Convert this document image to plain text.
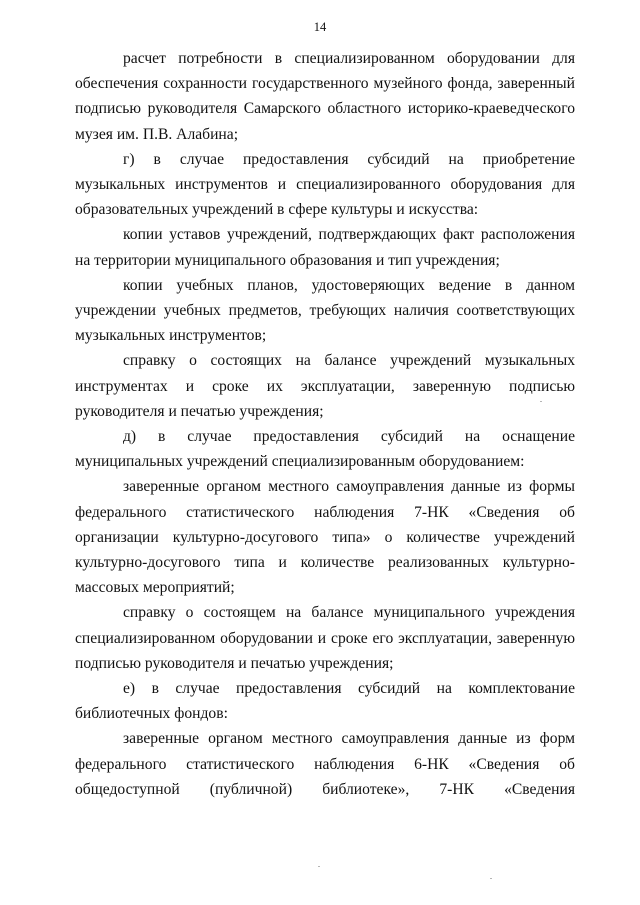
14

расчет потребности в специализированном оборудовании для обеспечения сохранности государственного музейного фонда, заверенный подписью руководителя Самарского областного историко-краеведческого музея им. П.В. Алабина;

г) в случае предоставления субсидий на приобретение музыкальных инструментов и специализированного оборудования для образовательных учреждений в сфере культуры и искусства:

копии уставов учреждений, подтверждающих факт расположения на территории муниципального образования и тип учреждения;

копии учебных планов, удостоверяющих ведение в данном учреждении учебных предметов, требующих наличия соответствующих музыкальных инструментов;

справку о состоящих на балансе учреждений музыкальных инструментах и сроке их эксплуатации, заверенную подписью руководителя и печатью учреждения;

д) в случае предоставления субсидий на оснащение муниципальных учреждений специализированным оборудованием:

заверенные органом местного самоуправления данные из формы федерального статистического наблюдения 7-НК «Сведения об организации культурно-досугового типа» о количестве учреждений культурно-досугового типа и количестве реализованных культурно-массовых мероприятий;

справку о состоящем на балансе муниципального учреждения специализированном оборудовании и сроке его эксплуатации, заверенную подписью руководителя и печатью учреждения;

е) в случае предоставления субсидий на комплектование библиотечных фондов:

заверенные органом местного самоуправления данные из форм федерального статистического наблюдения 6-НК «Сведения об общедоступной (публичной) библиотеке», 7-НК «Сведения
